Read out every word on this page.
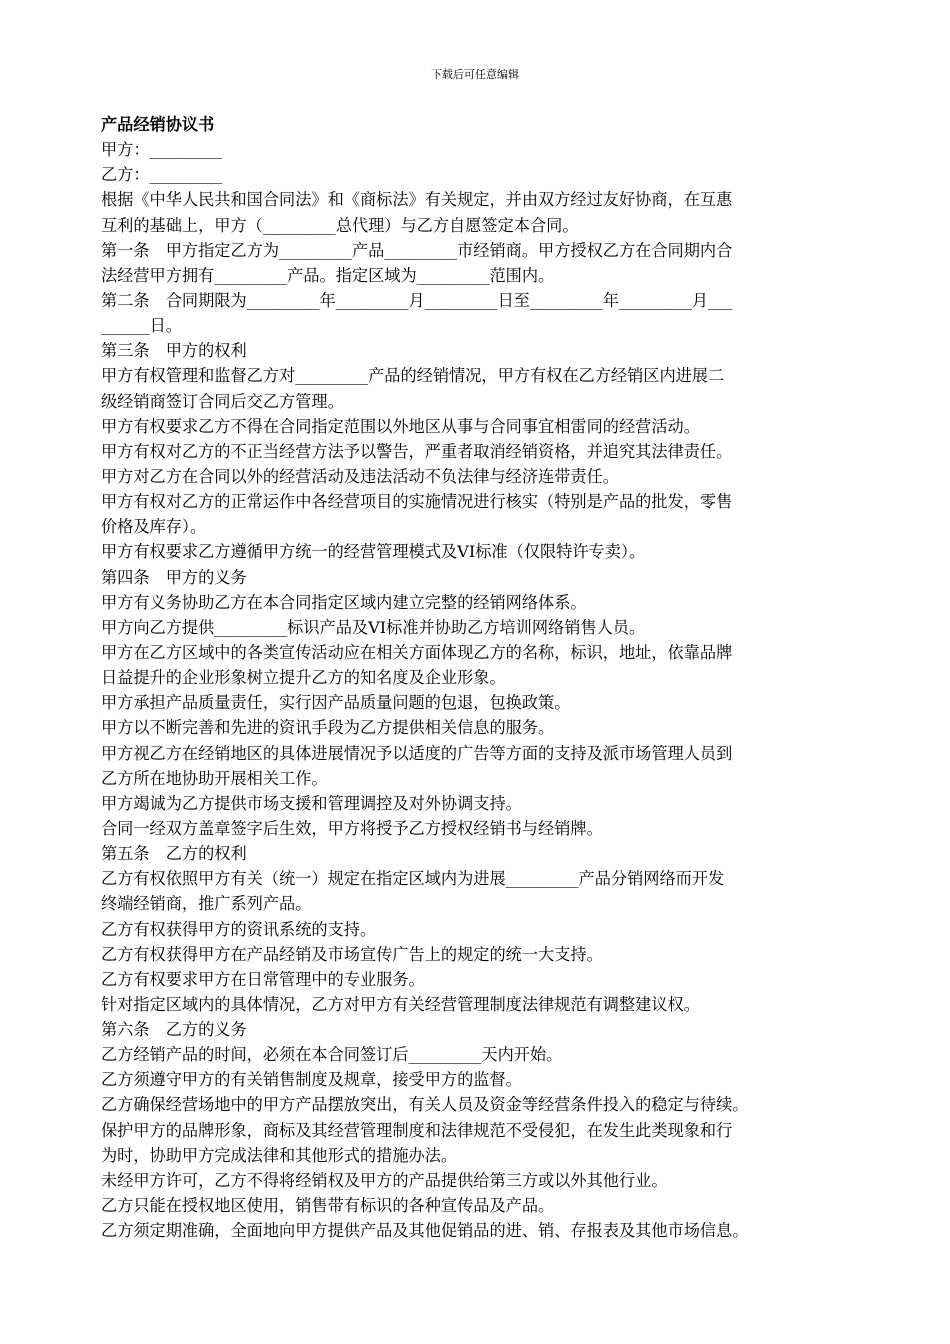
下载后可任意编辑
产品经销协议书
甲方：_________
乙方：_________
根据《中华人民共和国合同法》和《商标法》有关规定，并由双方经过友好协商，在互惠
互利的基础上，甲方（_________总代理）与乙方自愿签定本合同。
第一条　甲方指定乙方为_________产品_________市经销商。甲方授权乙方在合同期内合
法经营甲方拥有_________产品。指定区域为_________范围内。
第二条　合同期限为_________年_________月_________日至_________年_________月___
______日。
第三条　甲方的权利
甲方有权管理和监督乙方对_________产品的经销情况，甲方有权在乙方经销区内进展二
级经销商签订合同后交乙方管理。
甲方有权要求乙方不得在合同指定范围以外地区从事与合同事宜相雷同的经营活动。
甲方有权对乙方的不正当经营方法予以警告，严重者取消经销资格，并追究其法律责任。
甲方对乙方在合同以外的经营活动及违法活动不负法律与经济连带责任。
甲方有权对乙方的正常运作中各经营项目的实施情况进行核实（特别是产品的批发，零售
价格及库存）。
甲方有权要求乙方遵循甲方统一的经营管理模式及VI标准（仅限特许专卖）。
第四条　甲方的义务
甲方有义务协助乙方在本合同指定区域内建立完整的经销网络体系。
甲方向乙方提供_________标识产品及VI标准并协助乙方培训网络销售人员。
甲方在乙方区域中的各类宣传活动应在相关方面体现乙方的名称，标识，地址，依靠品牌
日益提升的企业形象树立提升乙方的知名度及企业形象。
甲方承担产品质量责任，实行因产品质量问题的包退，包换政策。
甲方以不断完善和先进的资讯手段为乙方提供相关信息的服务。
甲方视乙方在经销地区的具体进展情况予以适度的广告等方面的支持及派市场管理人员到
乙方所在地协助开展相关工作。
甲方竭诚为乙方提供市场支援和管理调控及对外协调支持。
合同一经双方盖章签字后生效，甲方将授予乙方授权经销书与经销牌。
第五条　乙方的权利
乙方有权依照甲方有关（统一）规定在指定区域内为进展_________产品分销网络而开发
终端经销商，推广系列产品。
乙方有权获得甲方的资讯系统的支持。
乙方有权获得甲方在产品经销及市场宣传广告上的规定的统一大支持。
乙方有权要求甲方在日常管理中的专业服务。
针对指定区域内的具体情况，乙方对甲方有关经营管理制度法律规范有调整建议权。
第六条　乙方的义务
乙方经销产品的时间，必须在本合同签订后_________天内开始。
乙方须遵守甲方的有关销售制度及规章，接受甲方的监督。
乙方确保经营场地中的甲方产品摆放突出，有关人员及资金等经营条件投入的稳定与待续。
保护甲方的品牌形象，商标及其经营管理制度和法律规范不受侵犯，在发生此类现象和行
为时，协助甲方完成法律和其他形式的措施办法。
未经甲方许可，乙方不得将经销权及甲方的产品提供给第三方或以外其他行业。
乙方只能在授权地区使用，销售带有标识的各种宣传品及产品。
乙方须定期准确，全面地向甲方提供产品及其他促销品的进、销、存报表及其他市场信息。
